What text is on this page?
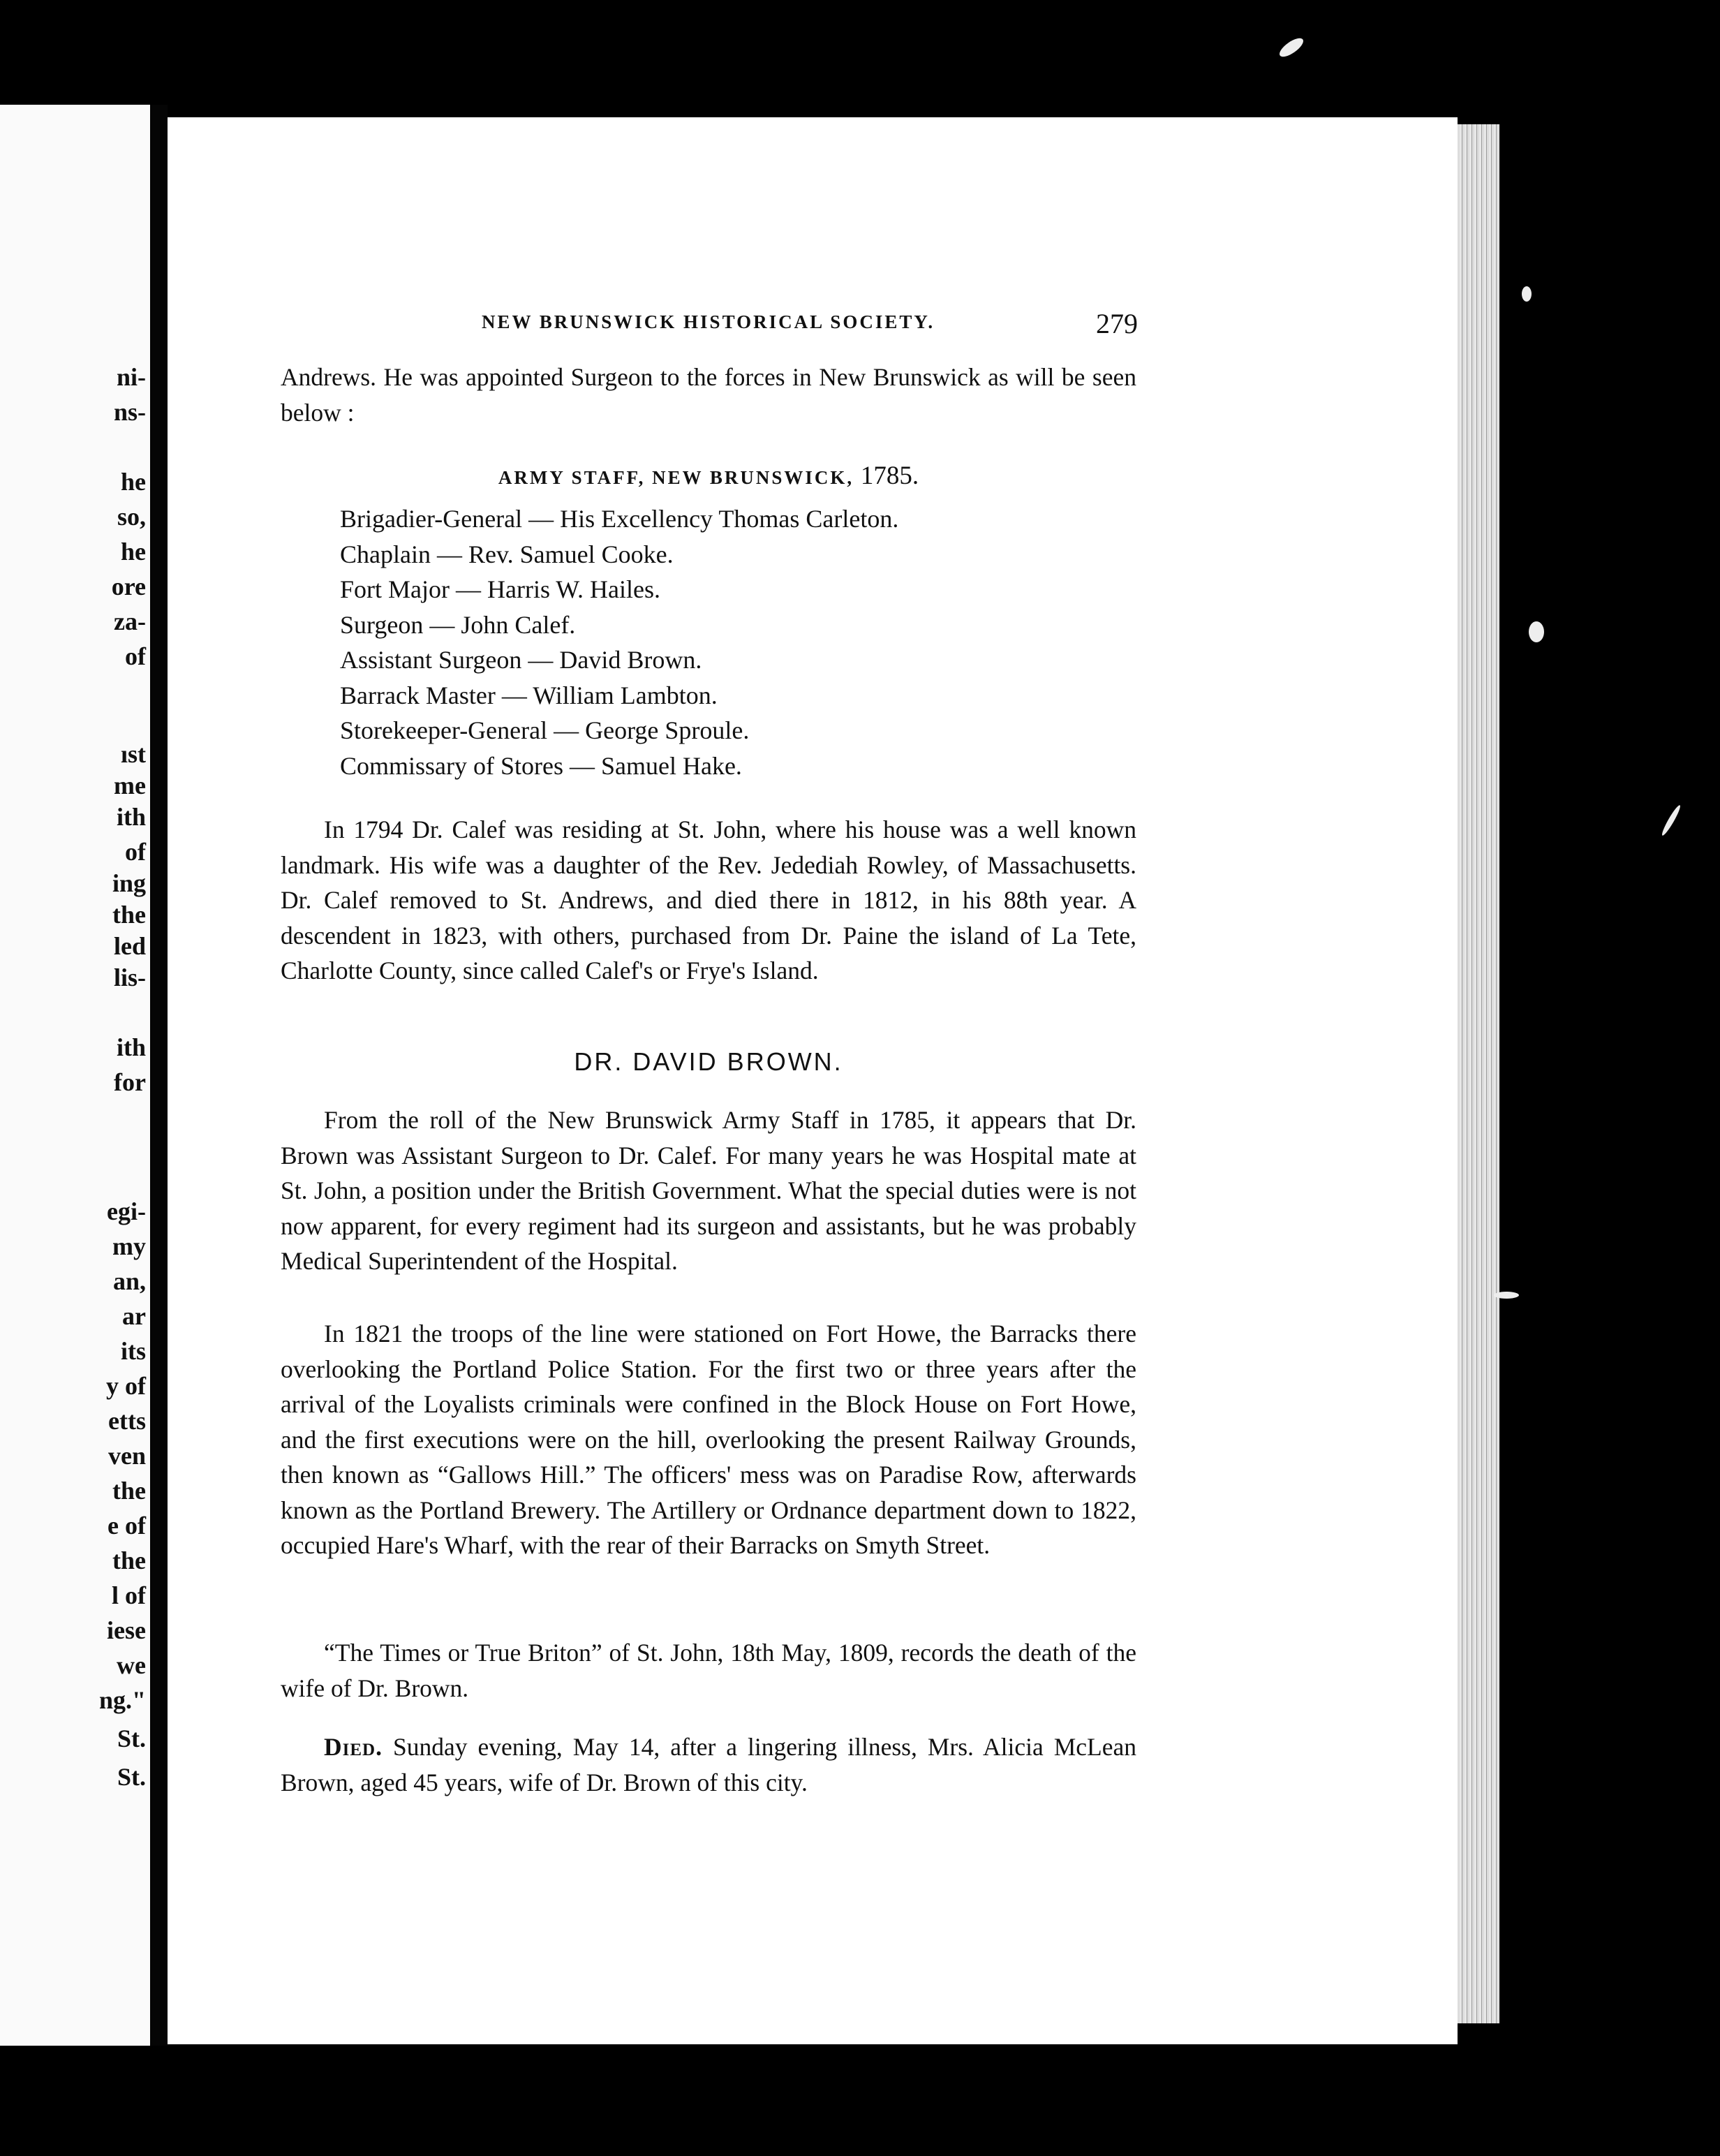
ni-
ns-
he
so,
he
ore
za-
of
ıst
me
ith
of
ing
the
led
lis-
ith
for
egi-
my
an,
ar
its
y of
etts
ven
the
e of
the
l of
iese
we
ng."
St.
St.
NEW BRUNSWICK HISTORICAL SOCIETY.	279

Andrews. He was appointed Surgeon to the forces in New Brunswick as will be seen below :

ARMY STAFF, NEW BRUNSWICK, 1785.
Brigadier-General — His Excellency Thomas Carleton.
Chaplain — Rev. Samuel Cooke.
Fort Major — Harris W. Hailes.
Surgeon — John Calef.
Assistant Surgeon — David Brown.
Barrack Master — William Lambton.
Storekeeper-General — George Sproule.
Commissary of Stores — Samuel Hake.

In 1794 Dr. Calef was residing at St. John, where his house was a well known landmark. His wife was a daughter of the Rev. Jedediah Rowley, of Massachusetts. Dr. Calef removed to St. Andrews, and died there in 1812, in his 88th year. A descendent in 1823, with others, purchased from Dr. Paine the island of La Tete, Charlotte County, since called Calef's or Frye's Island.

DR. DAVID BROWN.

From the roll of the New Brunswick Army Staff in 1785, it appears that Dr. Brown was Assistant Surgeon to Dr. Calef. For many years he was Hospital mate at St. John, a position under the British Government. What the special duties were is not now apparent, for every regiment had its surgeon and assistants, but he was probably Medical Superintendent of the Hospital.

In 1821 the troops of the line were stationed on Fort Howe, the Barracks there overlooking the Portland Police Station. For the first two or three years after the arrival of the Loyalists criminals were confined in the Block House on Fort Howe, and the first executions were on the hill, overlooking the present Railway Grounds, then known as “Gallows Hill.” The officers' mess was on Paradise Row, afterwards known as the Portland Brewery. The Artillery or Ordnance department down to 1822, occupied Hare's Wharf, with the rear of their Barracks on Smyth Street.

“The Times or True Briton” of St. John, 18th May, 1809, records the death of the wife of Dr. Brown.

Died. Sunday evening, May 14, after a lingering illness, Mrs. Alicia McLean Brown, aged 45 years, wife of Dr. Brown of this city.
